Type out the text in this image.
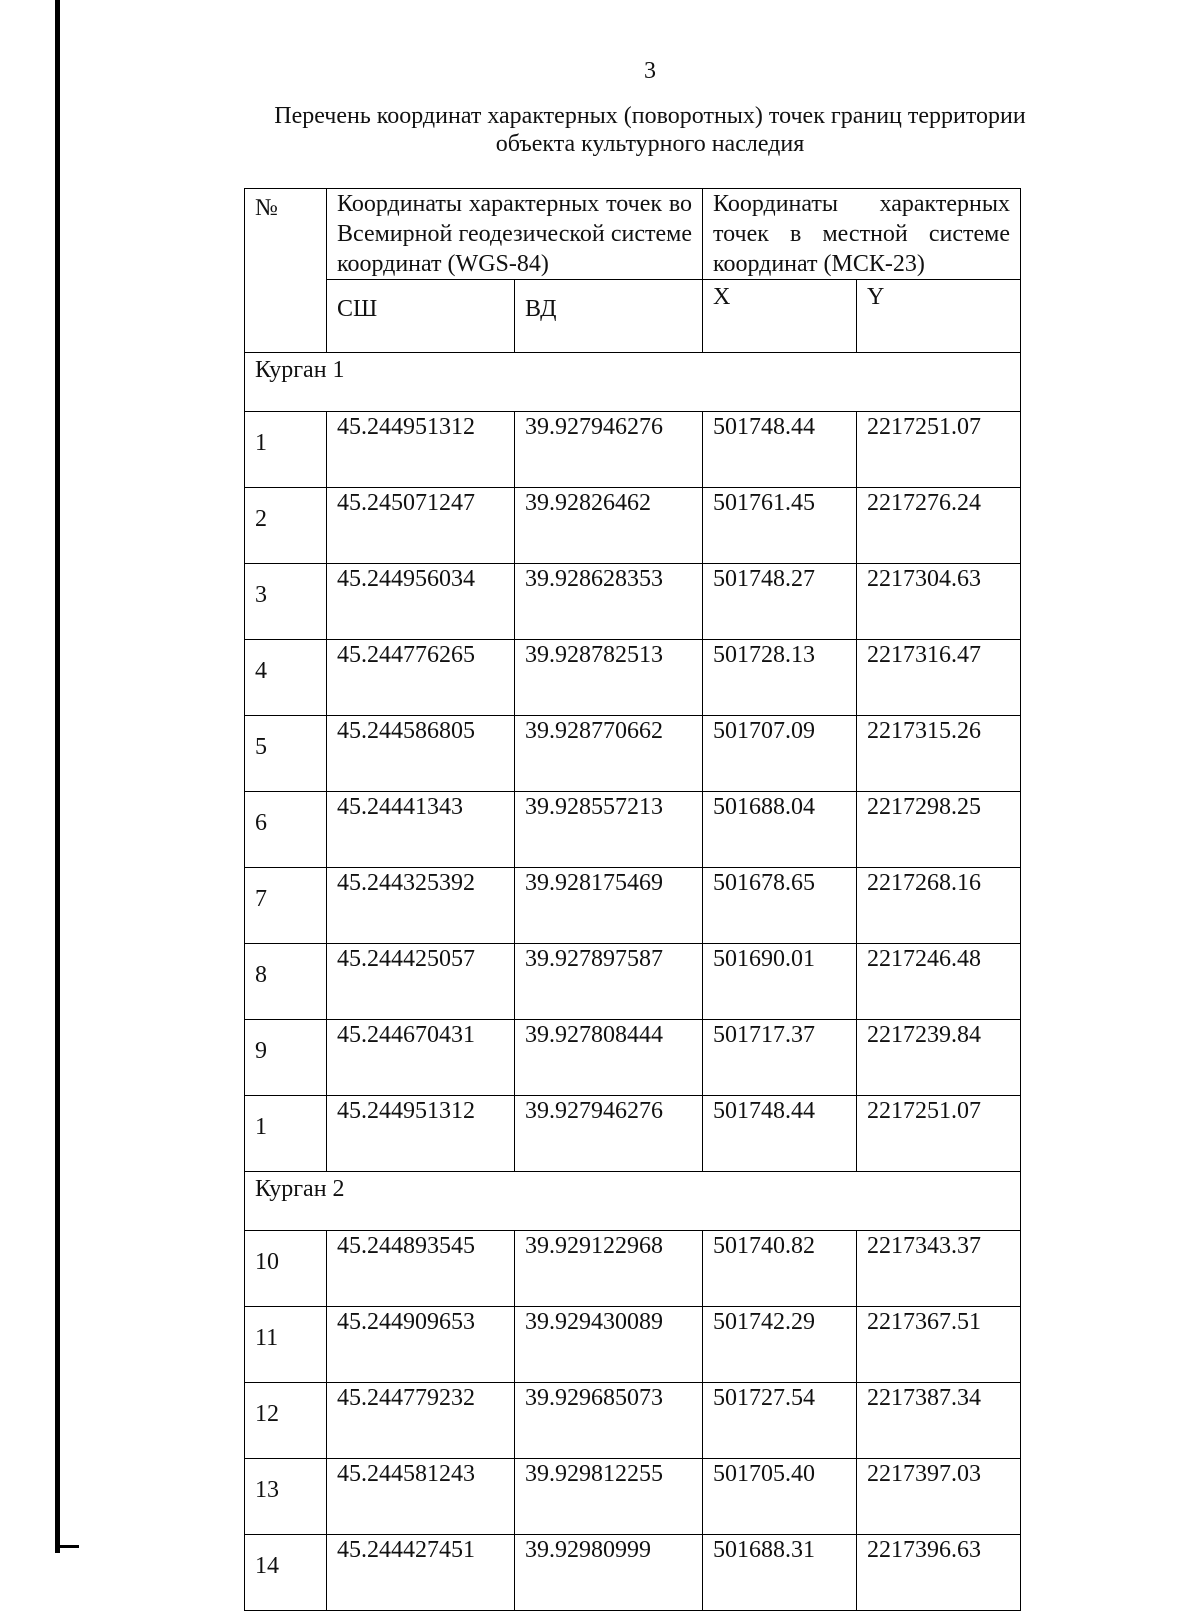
3
Перечень координат характерных (поворотных) точек границ территории
объекта культурного наследия
№	Координаты характерных точек во Всемирной геодезической системе координат (WGS-84)		Координаты характерных точек в местной системе координат (МСК-23)	
	СШ	ВД	X	Y
Курган 1				
1	45.244951312	39.927946276	501748.44	2217251.07
2	45.245071247	39.92826462	501761.45	2217276.24
3	45.244956034	39.928628353	501748.27	2217304.63
4	45.244776265	39.928782513	501728.13	2217316.47
5	45.244586805	39.928770662	501707.09	2217315.26
6	45.24441343	39.928557213	501688.04	2217298.25
7	45.244325392	39.928175469	501678.65	2217268.16
8	45.244425057	39.927897587	501690.01	2217246.48
9	45.244670431	39.927808444	501717.37	2217239.84
1	45.244951312	39.927946276	501748.44	2217251.07
Курган 2				
10	45.244893545	39.929122968	501740.82	2217343.37
11	45.244909653	39.929430089	501742.29	2217367.51
12	45.244779232	39.929685073	501727.54	2217387.34
13	45.244581243	39.929812255	501705.40	2217397.03
14	45.244427451	39.92980999	501688.31	2217396.63
